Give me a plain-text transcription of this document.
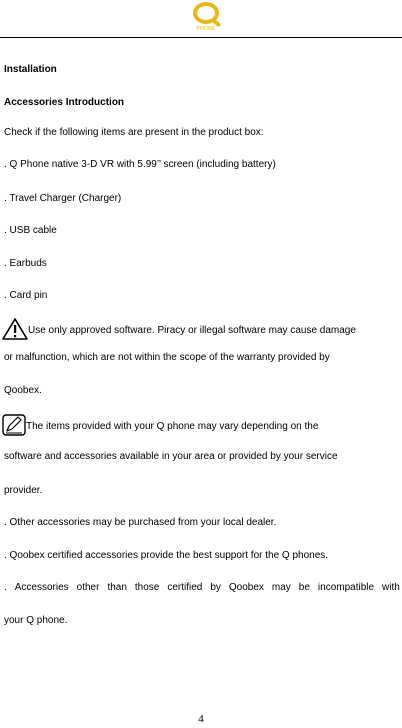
PHONE
Installation
Accessories Introduction
Check if the following items are present in the product box:
. Q Phone native 3-D VR with 5.99’’ screen (including battery)
. Travel Charger (Charger)
. USB cable
. Earbuds
. Card pin
Use only approved software. Piracy or illegal software may cause damage
or malfunction, which are not within the scope of the warranty provided by
Qoobex.
The items provided with your Q phone may vary depending on the
software and accessories available in your area or provided by your service
provider.
. Other accessories may be purchased from your local dealer.
. Qoobex certified accessories provide the best support for the Q phones.
. Accessories other than those certified by Qoobex may be incompatible with
your Q phone.
4
